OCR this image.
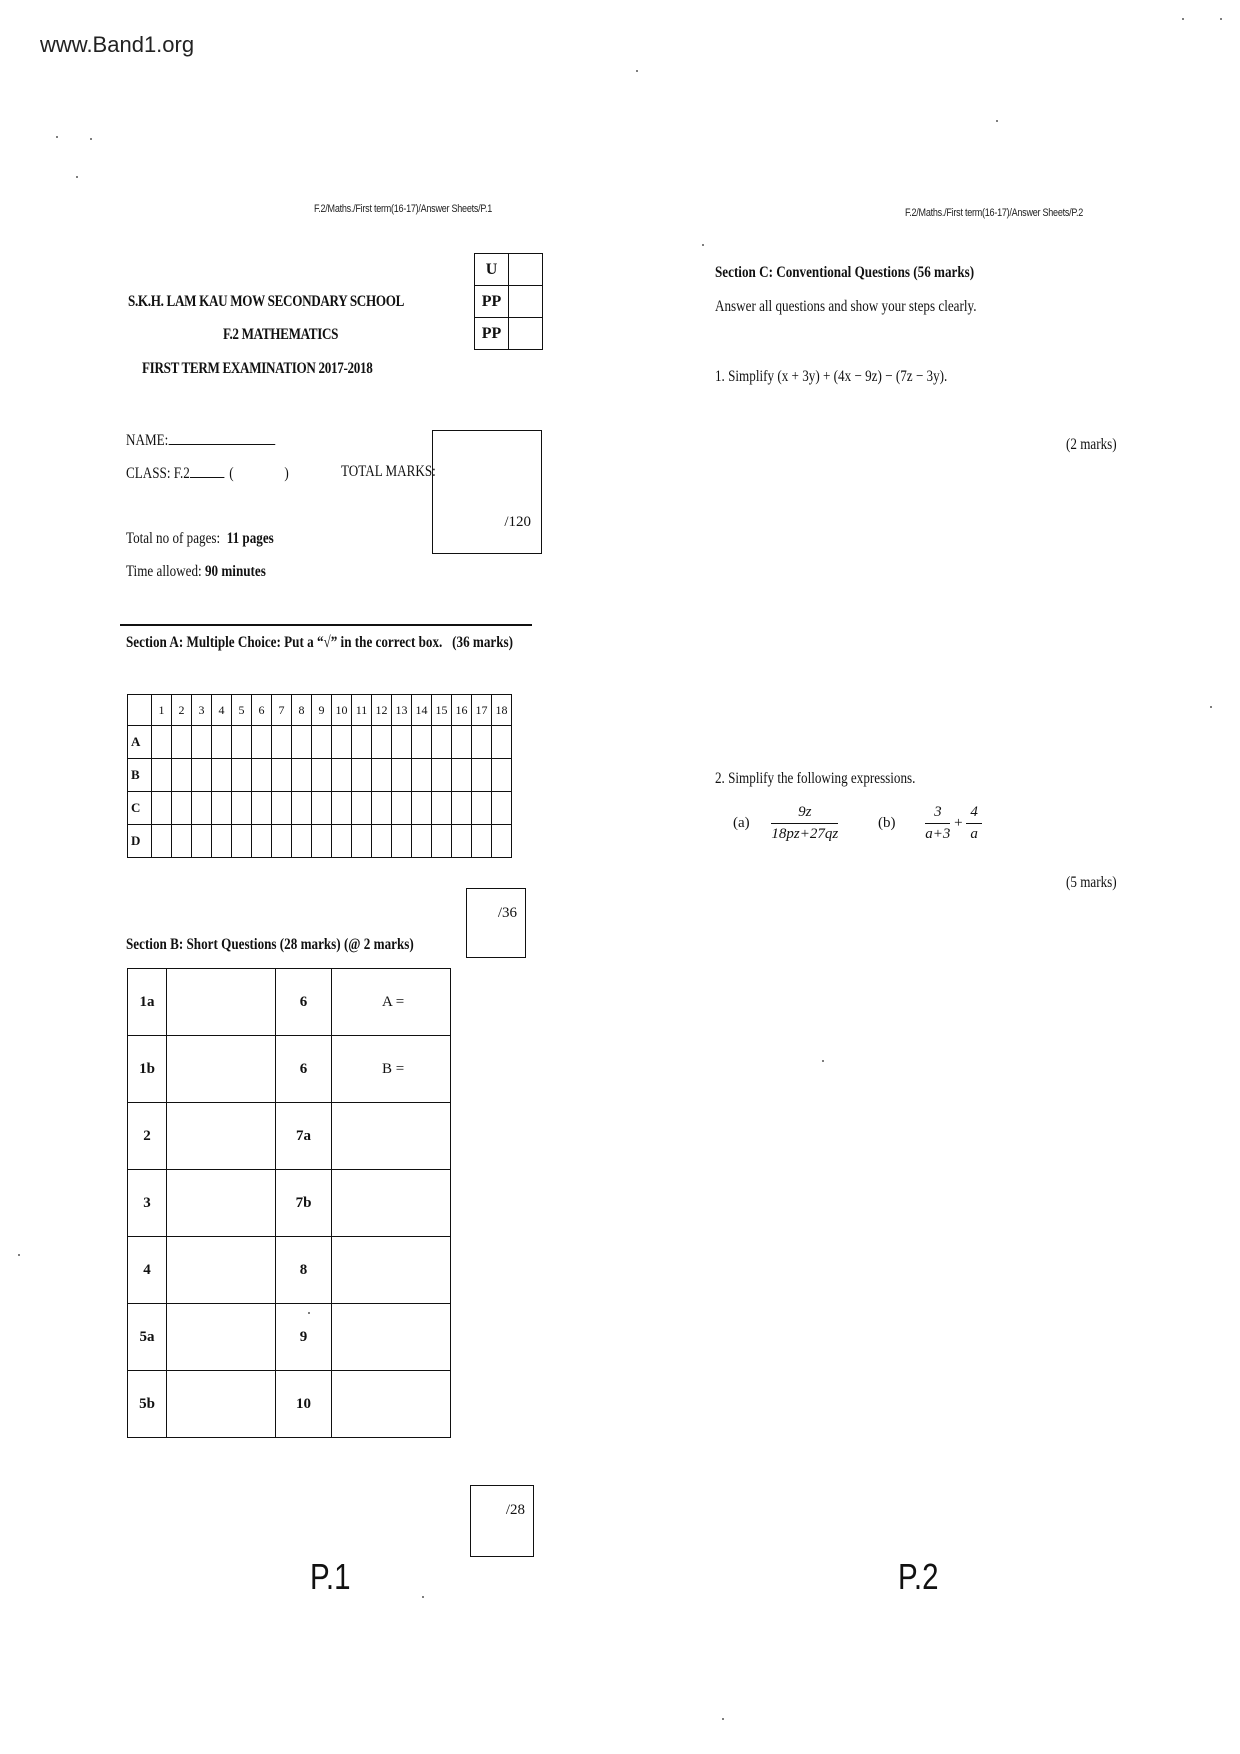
www.Band1.org
F.2/Maths./First term(16-17)/Answer Sheets/P.1
U	
PP	
PP	
S.K.H. LAM KAU MOW SECONDARY SCHOOL
F.2 MATHEMATICS
FIRST TERM EXAMINATION 2017-2018
NAME:
CLASS: F.2 (	)	TOTAL MARKS:
/120
Total no of pages: 11 pages
Time allowed: 90 minutes
Section A: Multiple Choice: Put a “√” in the correct box. (36 marks)
	1	2	3	4	5	6	7	8	9	10	11	12	13	14	15	16	17	18
A																		
B																		
C																		
D																		
/36
Section B: Short Questions (28 marks) (@ 2 marks)
1a		6	A =
1b		6	B =
2		7a	
3		7b	
4		8	
5a		9	
5b		10	
/28
P.1
F.2/Maths./First term(16-17)/Answer Sheets/P.2
Section C: Conventional Questions (56 marks)
Answer all questions and show your steps clearly.
1. Simplify (x + 3y) + (4x − 9z) − (7z − 3y).
(2 marks)
2. Simplify the following expressions.
$(a) \frac{9z}{18pz+27qz}$	$(b) \frac{3}{a+3} + \frac{4}{a}$
(5 marks)
P.2
